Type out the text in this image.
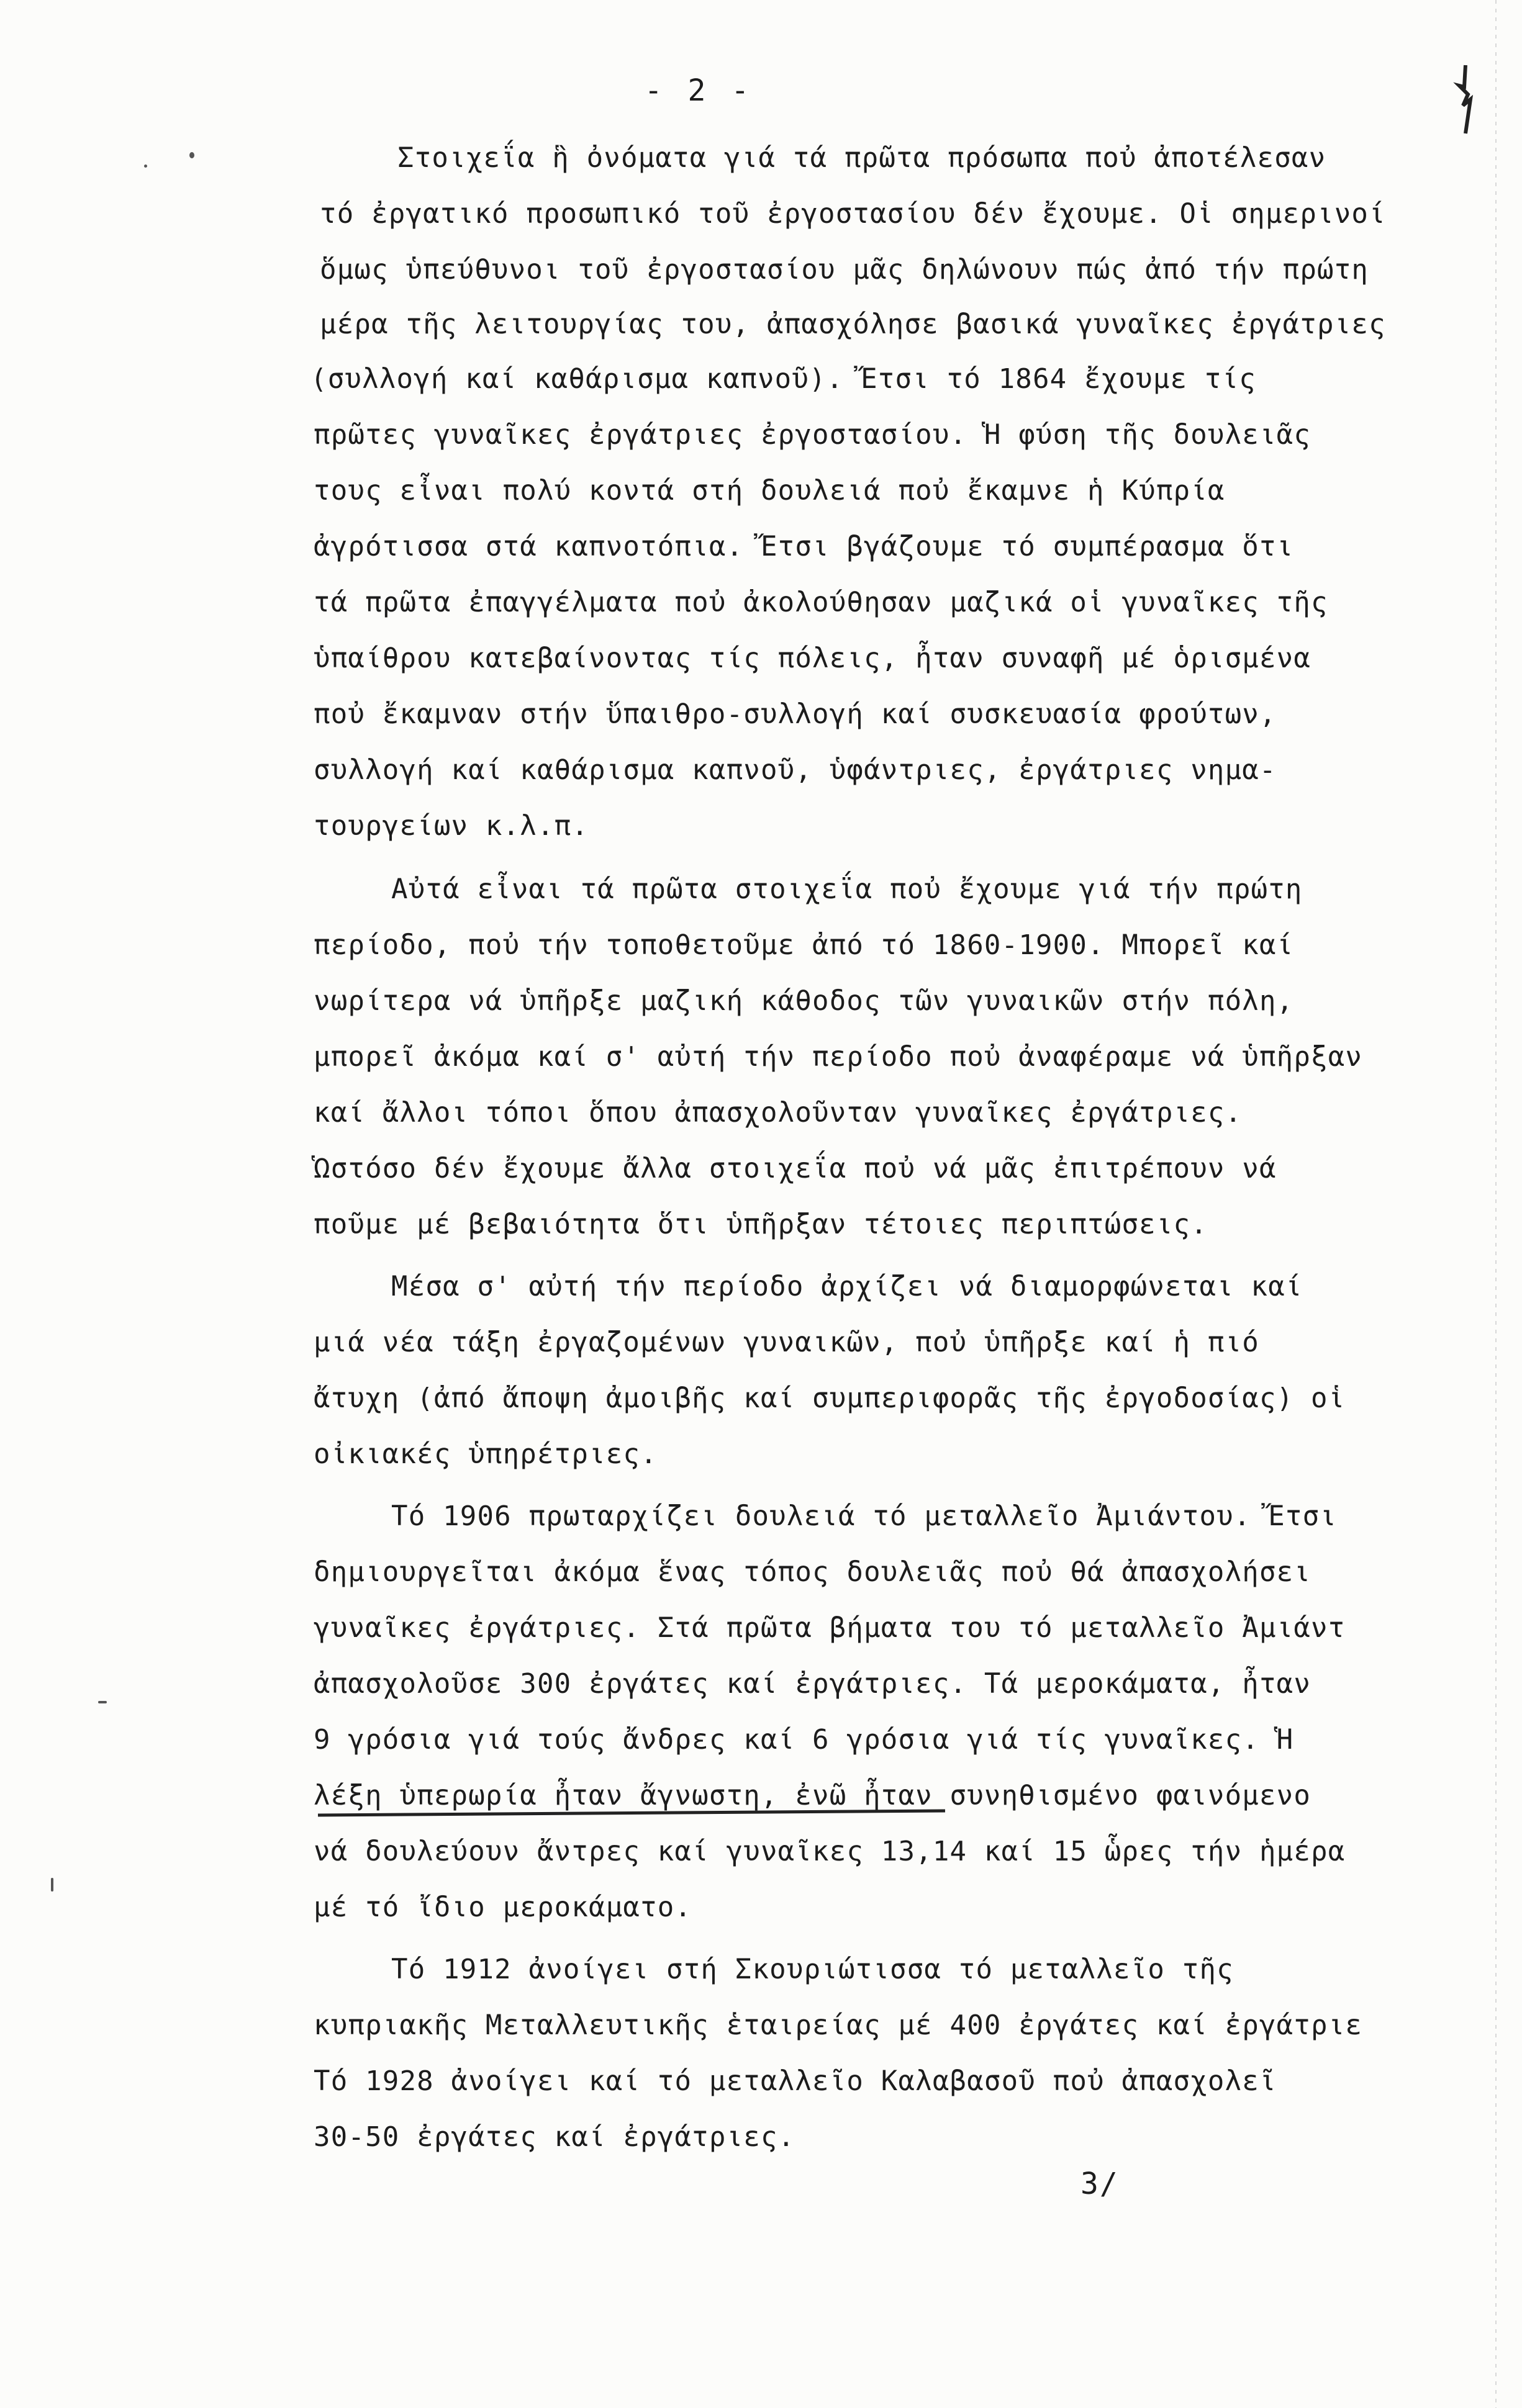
- 2 -
Στοιχεΐα ἣ ὀνόματα γιά τά πρῶτα πρόσωπα ποὐ ἀποτέλεσαν
τό ἐργατικό προσωπικό τοῦ ἐργοστασίου δέν ἔχουμε. Οἱ σημερινοί
ὅμως ὑπεύθυνοι τοῦ ἐργοστασίου μᾶς δηλώνουν πώς ἀπό τήν πρώτη
μέρα τῆς λειτουργίας του, ἀπασχόλησε βασικά γυναῖκες ἐργάτριες
(συλλογή καί καθάρισμα καπνοῦ). Ἔτσι τό 1864 ἔχουμε τίς
πρῶτες γυναῖκες ἐργάτριες ἐργοστασίου. Ἡ φύση τῆς δουλειᾶς
τους εἶναι πολύ κοντά στή δουλειά ποὐ ἔκαμνε ἡ Κύπρία
ἀγρότισσα στά καπνοτόπια. Ἔτσι βγάζουμε τό συμπέρασμα ὅτι
τά πρῶτα ἐπαγγέλματα ποὐ ἀκολούθησαν μαζικά οἱ γυναῖκες τῆς
ὑπαίθρου κατεβαίνοντας τίς πόλεις, ἦταν συναφῆ μέ ὁρισμένα
ποὐ ἔκαμναν στήν ὕπαιθρο-συλλογή καί συσκευασία φρούτων,
συλλογή καί καθάρισμα καπνοῦ, ὑφάντριες, ἐργάτριες νημα-
τουργείων κ.λ.π.
Αὐτά εἶναι τά πρῶτα στοιχεΐα ποὐ ἔχουμε γιά τήν πρώτη
περίοδο, ποὐ τήν τοποθετοῦμε ἀπό τό 1860-1900. Μπορεῖ καί
νωρίτερα νά ὑπῆρξε μαζική κάθοδος τῶν γυναικῶν στήν πόλη,
μπορεῖ ἀκόμα καί σ' αὐτή τήν περίοδο ποὐ ἀναφέραμε νά ὑπῆρξαν
καί ἄλλοι τόποι ὅπου ἀπασχολοῦνταν γυναῖκες ἐργάτριες.
Ὡστόσο δέν ἔχουμε ἄλλα στοιχεΐα ποὐ νά μᾶς ἐπιτρέπουν νά
ποῦμε μέ βεβαιότητα ὅτι ὑπῆρξαν τέτοιες περιπτώσεις.
Μέσα σ' αὐτή τήν περίοδο ἀρχίζει νά διαμορφώνεται καί
μιά νέα τάξη ἐργαζομένων γυναικῶν, ποὐ ὑπῆρξε καί ἡ πιό
ἄτυχη (ἀπό ἄποψη ἀμοιβῆς καί συμπεριφορᾶς τῆς ἐργοδοσίας) οἱ
οἰκιακές ὑπηρέτριες.
Τό 1906 πρωταρχίζει δουλειά τό μεταλλεῖο Ἀμιάντου. Ἔτσι
δημιουργεῖται ἀκόμα ἕνας τόπος δουλειᾶς ποὐ θά ἀπασχολήσει
γυναῖκες ἐργάτριες. Στά πρῶτα βήματα του τό μεταλλεῖο Ἀμιάντ
ἀπασχολοῦσε 300 ἐργάτες καί ἐργάτριες. Τά μεροκάματα, ἦταν
9 γρόσια γιά τούς ἄνδρες καί 6 γρόσια γιά τίς γυναῖκες. Ἡ
λέξη ὑπερωρία ἦταν ἄγνωστη, ἐνῶ ἦταν συνηθισμένο φαινόμενο
νά δουλεύουν ἄντρες καί γυναῖκες 13,14 καί 15 ὧρες τήν ἡμέρα
μέ τό ἴδιο μεροκάματο.
Τό 1912 ἀνοίγει στή Σκουριώτισσα τό μεταλλεῖο τῆς
κυπριακῆς Μεταλλευτικῆς ἑταιρείας μέ 400 ἐργάτες καί ἐργάτριε
Τό 1928 ἀνοίγει καί τό μεταλλεῖο Καλαβασοῦ ποὐ ἀπασχολεῖ
30-50 ἐργάτες καί ἐργάτριες.
3/
